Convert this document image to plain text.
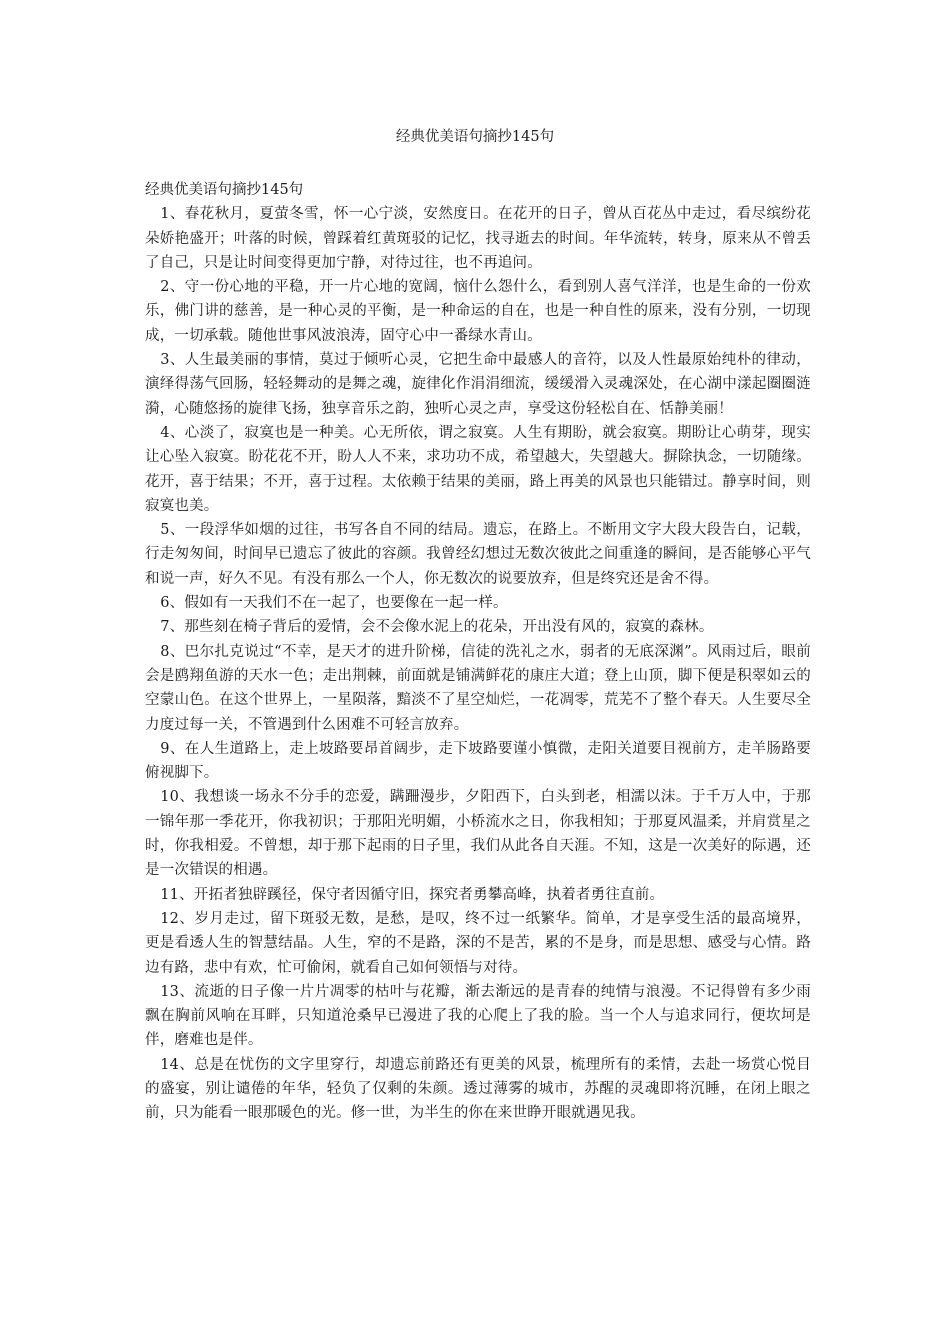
经典优美语句摘抄145句

经典优美语句摘抄145句

1、春花秋月，夏萤冬雪，怀一心宁淡，安然度日。在花开的日子，曾从百花丛中走过，看尽缤纷花朵娇艳盛开；叶落的时候，曾踩着红黄斑驳的记忆，找寻逝去的时间。年华流转，转身，原来从不曾丢了自己，只是让时间变得更加宁静，对待过往，也不再追问。

2、守一份心地的平稳，开一片心地的宽阔，恼什么怨什么，看到别人喜气洋洋，也是生命的一份欢乐，佛门讲的慈善，是一种心灵的平衡，是一种命运的自在，也是一种自性的原来，没有分别，一切现成，一切承载。随他世事风波浪涛，固守心中一番绿水青山。

3、人生最美丽的事情，莫过于倾听心灵，它把生命中最感人的音符，以及人性最原始纯朴的律动，演绎得荡气回肠，轻轻舞动的是舞之魂，旋律化作涓涓细流，缓缓滑入灵魂深处，在心湖中漾起圈圈涟漪，心随悠扬的旋律飞扬，独享音乐之韵，独听心灵之声，享受这份轻松自在、恬静美丽！

4、心淡了，寂寞也是一种美。心无所依，谓之寂寞。人生有期盼，就会寂寞。期盼让心萌芽，现实让心坠入寂寞。盼花花不开，盼人人不来，求功功不成，希望越大，失望越大。摒除执念，一切随缘。花开，喜于结果；不开，喜于过程。太依赖于结果的美丽，路上再美的风景也只能错过。静享时间，则寂寞也美。

5、一段浮华如烟的过往，书写各自不同的结局。遗忘，在路上。不断用文字大段大段告白，记载，行走匆匆间，时间早已遗忘了彼此的容颜。我曾经幻想过无数次彼此之间重逢的瞬间，是否能够心平气和说一声，好久不见。有没有那么一个人，你无数次的说要放弃，但是终究还是舍不得。

6、假如有一天我们不在一起了，也要像在一起一样。

7、那些刻在椅子背后的爱情，会不会像水泥上的花朵，开出没有风的，寂寞的森林。

8、巴尔扎克说过“不幸，是天才的进升阶梯，信徒的洗礼之水，弱者的无底深渊”。风雨过后，眼前会是鸥翔鱼游的天水一色；走出荆棘，前面就是铺满鲜花的康庄大道；登上山顶，脚下便是积翠如云的空蒙山色。在这个世界上，一星陨落，黯淡不了星空灿烂，一花凋零，荒芜不了整个春天。人生要尽全力度过每一关，不管遇到什么困难不可轻言放弃。

9、在人生道路上，走上坡路要昂首阔步，走下坡路要谨小慎微，走阳关道要目视前方，走羊肠路要俯视脚下。

10、我想谈一场永不分手的恋爱，蹒跚漫步，夕阳西下，白头到老，相濡以沫。于千万人中，于那一锦年那一季花开，你我初识；于那阳光明媚，小桥流水之日，你我相知；于那夏风温柔，并肩赏星之时，你我相爱。不曾想，却于那下起雨的日子里，我们从此各自天涯。不知，这是一次美好的际遇，还是一次错误的相遇。

11、开拓者独辟蹊径，保守者因循守旧，探究者勇攀高峰，执着者勇往直前。

12、岁月走过，留下斑驳无数，是愁，是叹，终不过一纸繁华。简单，才是享受生活的最高境界，更是看透人生的智慧结晶。人生，窄的不是路，深的不是苦，累的不是身，而是思想、感受与心情。路边有路，悲中有欢，忙可偷闲，就看自己如何领悟与对待。

13、流逝的日子像一片片凋零的枯叶与花瓣，渐去渐远的是青春的纯情与浪漫。不记得曾有多少雨飘在胸前风响在耳畔，只知道沧桑早已漫进了我的心爬上了我的脸。当一个人与追求同行，便坎坷是伴，磨难也是伴。

14、总是在忧伤的文字里穿行，却遗忘前路还有更美的风景，梳理所有的柔情，去赴一场赏心悦目的盛宴，别让谴倦的年华，轻负了仅剩的朱颜。透过薄雾的城市，苏醒的灵魂即将沉睡，在闭上眼之前，只为能看一眼那暖色的光。修一世，为半生的你在来世睁开眼就遇见我。
